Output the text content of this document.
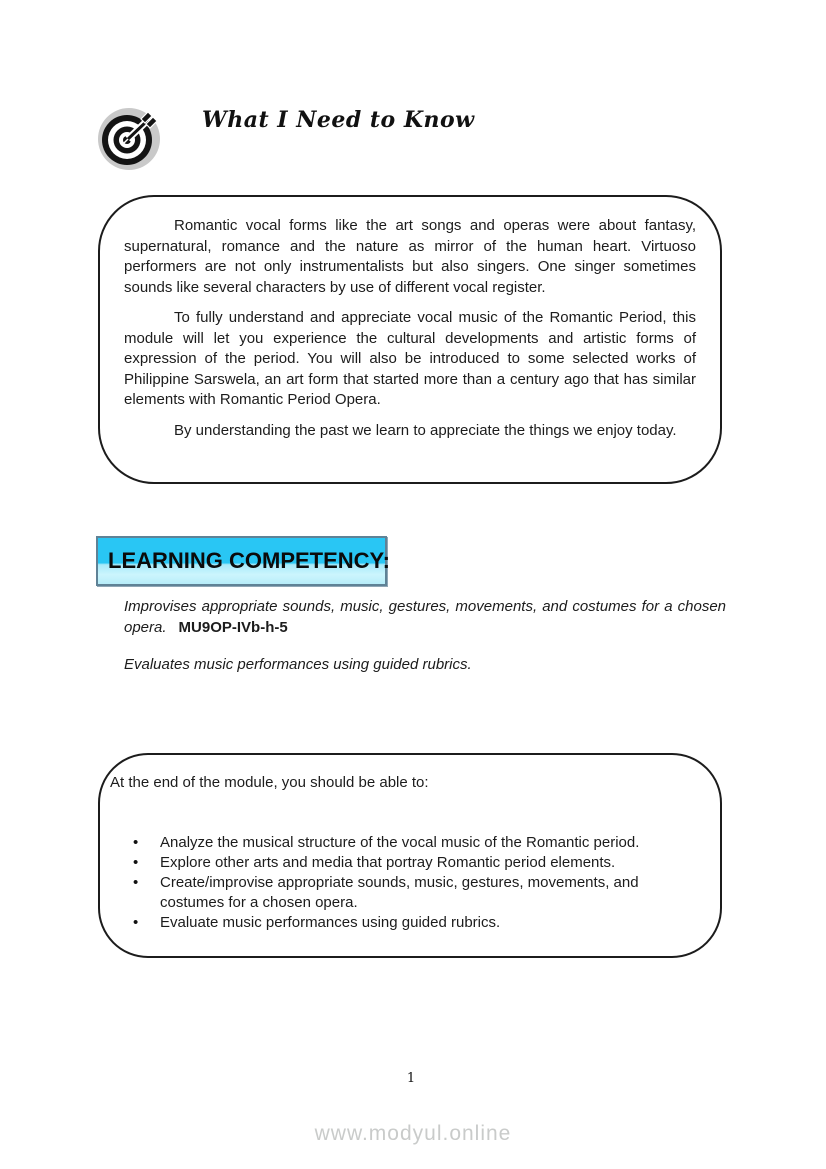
What I Need to Know

Romantic vocal forms like the art songs and operas were about fantasy, supernatural, romance and the nature as mirror of the human heart. Virtuoso performers are not only instrumentalists but also singers. One singer sometimes sounds like several characters by use of different vocal register.

To fully understand and appreciate vocal music of the Romantic Period, this module will let you experience the cultural developments and artistic forms of expression of the period. You will also be introduced to some selected works of Philippine Sarswela, an art form that started more than a century ago that has similar elements with Romantic Period Opera.

By understanding the past we learn to appreciate the things we enjoy today.

LEARNING COMPETENCY:

Improvises appropriate sounds, music, gestures, movements, and costumes for a chosen opera. MU9OP-IVb-h-5

Evaluates music performances using guided rubrics.

At the end of the module, you should be able to:

• Analyze the musical structure of the vocal music of the Romantic period.
• Explore other arts and media that portray Romantic period elements.
• Create/improvise appropriate sounds, music, gestures, movements, and costumes for a chosen opera.
• Evaluate music performances using guided rubrics.
1
www.modyul.online
